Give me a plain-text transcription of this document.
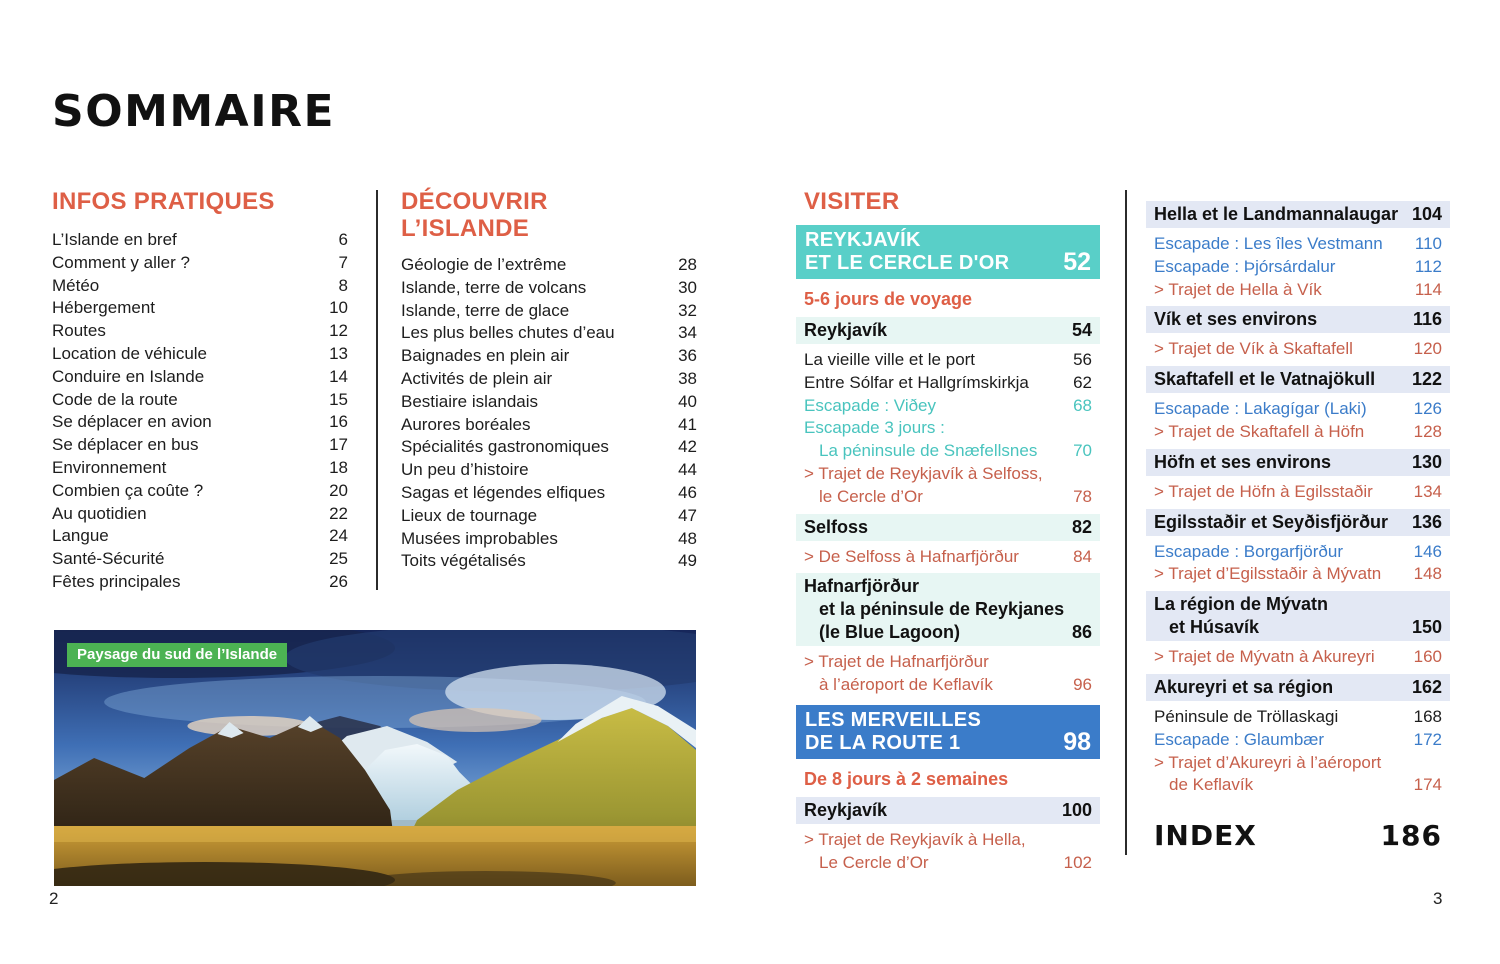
SOMMAIRE
INFOS PRATIQUES
L’Islande en bref	6
Comment y aller ?	7
Météo	8
Hébergement	10
Routes	12
Location de véhicule	13
Conduire en Islande	14
Code de la route	15
Se déplacer en avion	16
Se déplacer en bus	17
Environnement	18
Combien ça coûte ?	20
Au quotidien	22
Langue	24
Santé-Sécurité	25
Fêtes principales	26
DÉCOUVRIR
L’ISLANDE
Géologie de l’extrême	28
Islande, terre de volcans	30
Islande, terre de glace	32
Les plus belles chutes d’eau	34
Baignades en plein air	36
Activités de plein air	38
Bestiaire islandais	40
Aurores boréales	41
Spécialités gastronomiques	42
Un peu d’histoire	44
Sagas et légendes elfiques	46
Lieux de tournage	47
Musées improbables	48
Toits végétalisés	49
VISITER
REYKJAVÍK
ET LE CERCLE D'OR 52
5-6 jours de voyage
Reykjavík	54
La vieille ville et le port	56
Entre Sólfar et Hallgrímskirkja	62
Escapade : Viðey	68
Escapade 3 jours :
La péninsule de Snæfellsnes 70
> Trajet de Reykjavík à Selfoss,
le Cercle d’Or	78
Selfoss	82
> De Selfoss à Hafnarfjörður	84
Hafnarfjörður
et la péninsule de Reykjanes
(le Blue Lagoon)	86
> Trajet de Hafnarfjörður
à l’aéroport de Keflavík	96
LES MERVEILLES
DE LA ROUTE 1	98
De 8 jours à 2 semaines
Reykjavík	100
> Trajet de Reykjavík à Hella,
Le Cercle d’Or	102
Hella et le Landmannalaugar 104
Escapade : Les îles Vestmann 110
Escapade : Þjórsárdalur	112
> Trajet de Hella à Vík	114
Vík et ses environs	116
> Trajet de Vík à Skaftafell	120
Skaftafell et le Vatnajökull 122
Escapade : Lakagígar (Laki)	126
> Trajet de Skaftafell à Höfn	128
Höfn et ses environs	130
> Trajet de Höfn à Egilsstaðir 134
Egilsstaðir et Seyðisfjörður 136
Escapade : Borgarfjörður	146
> Trajet d’Egilsstaðir à Mývatn 148
La région de Mývatn
et Húsavík	150
> Trajet de Mývatn à Akureyri 160
Akureyri et sa région	162
Péninsule de Tröllaskagi	168
Escapade : Glaumbær	172
> Trajet d’Akureyri à l’aéroport
de Keflavík	174
INDEX	186
Paysage du sud de l’Islande
2	3
